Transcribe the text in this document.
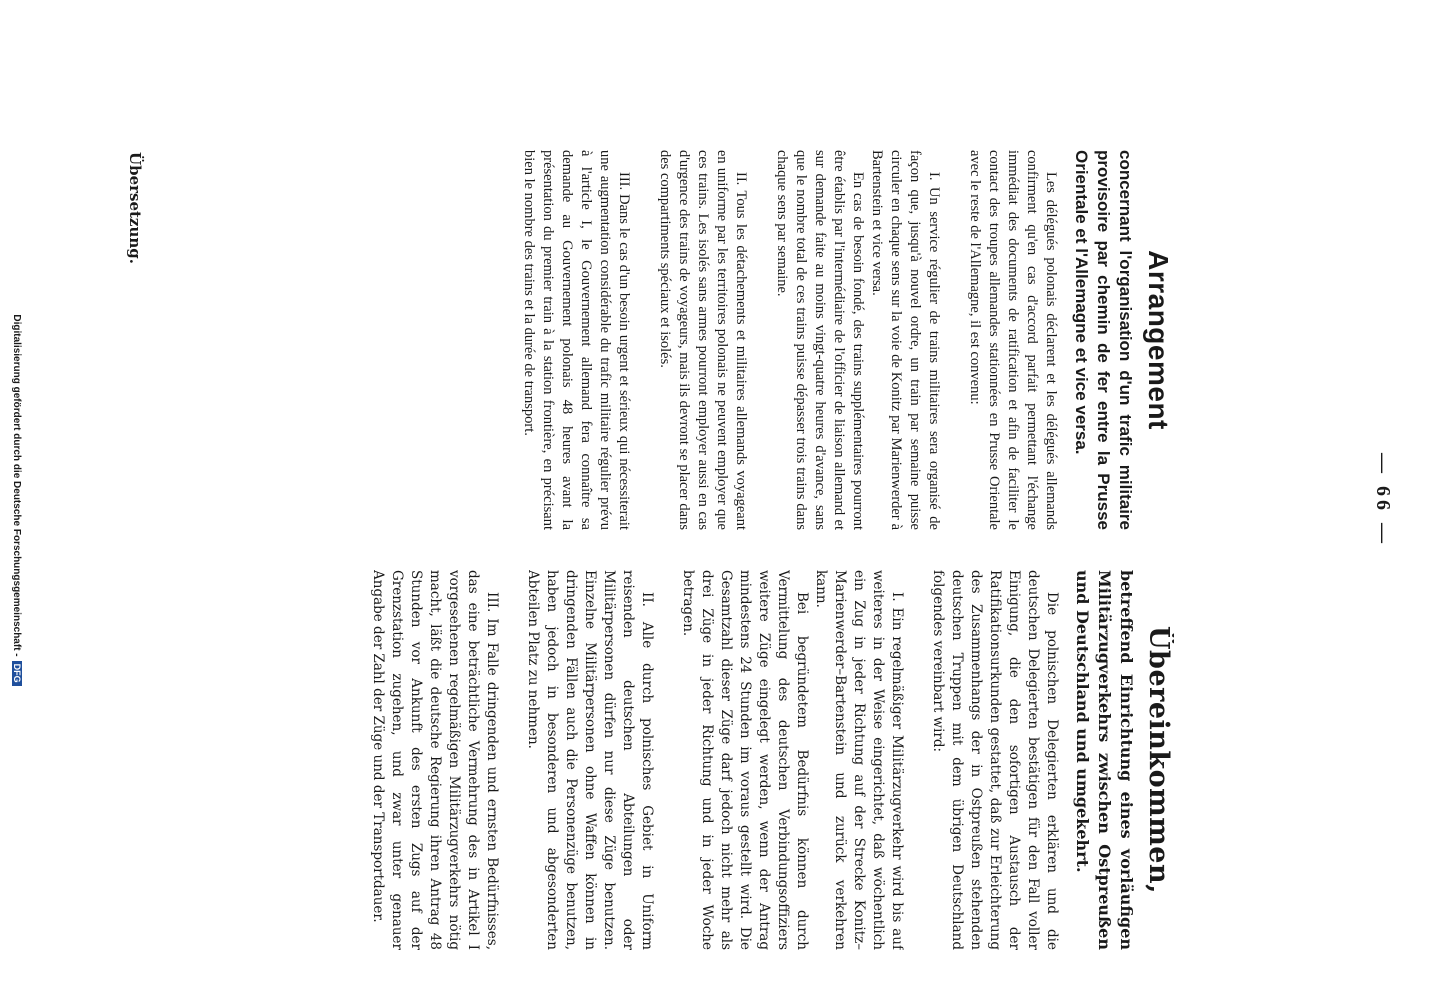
— 66 —
Arrangement
concernant l'organisation d'un trafic militaire provisoire par chemin de fer entre la Prusse Orientale et l'Allemagne et vice versa.

Les délégués polonais déclarent et les délégués allemands confirment qu'en cas d'accord parfait permettant l'échange immédiat des documents de ratification et afin de faciliter le contact des troupes allemandes stationnées en Prusse Orientale avec le reste de l'Allemagne, il est convenu:

I. Un service régulier de trains militaires sera organisé de façon que, jusqu'à nouvel ordre, un train par semaine puisse circuler en chaque sens sur la voie de Konitz par Marienwerder à Bartenstein et vice versa.

En cas de besoin fondé, des trains supplémentaires pourront être établis par l'intermédiaire de l'officier de liaison allemand et sur demande faite au moins vingt-quatre heures d'avance, sans que le nombre total de ces trains puisse dépasser trois trains dans chaque sens par semaine.

II. Tous les détachements et militaires allemands voyageant en uniforme par les territoires polonais ne peuvent employer que ces trains. Les isolés sans armes pourront employer aussi en cas d'urgence des trains de voyageurs, mais ils devront se placer dans des compartiments spéciaux et isolés.

III. Dans le cas d'un besoin urgent et sérieux qui nécessiterait une augmentation considérable du trafic militaire régulier prévu à l'article I, le Gouvernement allemand fera connaître sa demande au Gouvernement polonais 48 heures avant la présentation du premier train à la station frontière, en précisant bien le nombre des trains et la durée de transport.

Übereinkommen,
betreffend Einrichtung eines vorläufigen Militärzugverkehrs zwischen Ostpreußen und Deutschland und umgekehrt.

Die polnischen Delegierten erklären und die deutschen Delegierten bestätigen für den Fall voller Einigung, die den sofortigen Austausch der Ratifikationsurkunden gestattet, daß zur Erleichterung des Zusammenhangs der in Ostpreußen stehenden deutschen Truppen mit dem übrigen Deutschland folgendes vereinbart wird:

I. Ein regelmäßiger Militärzugverkehr wird bis auf weiteres in der Weise eingerichtet, daß wöchentlich ein Zug in jeder Richtung auf der Strecke Konitz–Marienwerder–Bartenstein und zurück verkehren kann.

Bei begründetem Bedürfnis können durch Vermittelung des deutschen Verbindungsoffiziers weitere Züge eingelegt werden, wenn der Antrag mindestens 24 Stunden im voraus gestellt wird. Die Gesamtzahl dieser Züge darf jedoch nicht mehr als drei Züge in jeder Richtung und in jeder Woche betragen.

II. Alle durch polnisches Gebiet in Uniform reisenden deutschen Abteilungen oder Militärpersonen dürfen nur diese Züge benutzen. Einzelne Militärpersonen ohne Waffen können in dringenden Fällen auch die Personenzüge benutzen, haben jedoch in besonderen und abgesonderten Abteilen Platz zu nehmen.

III. Im Falle dringenden und ernsten Bedürfnisses, das eine beträchtliche Vermehrung des in Artikel I vorgesehenen regelmäßigen Militärzugverkehrs nötig macht, läßt die deutsche Regierung ihren Antrag 48 Stunden vor Ankunft des ersten Zugs auf der Grenzstation zugehen, und zwar unter genauer Angabe der Zahl der Züge und der Transportdauer.

Übersetzung.
Digitalisierung gefördert durch die Deutsche Forschungsgemeinschaft -DFG
